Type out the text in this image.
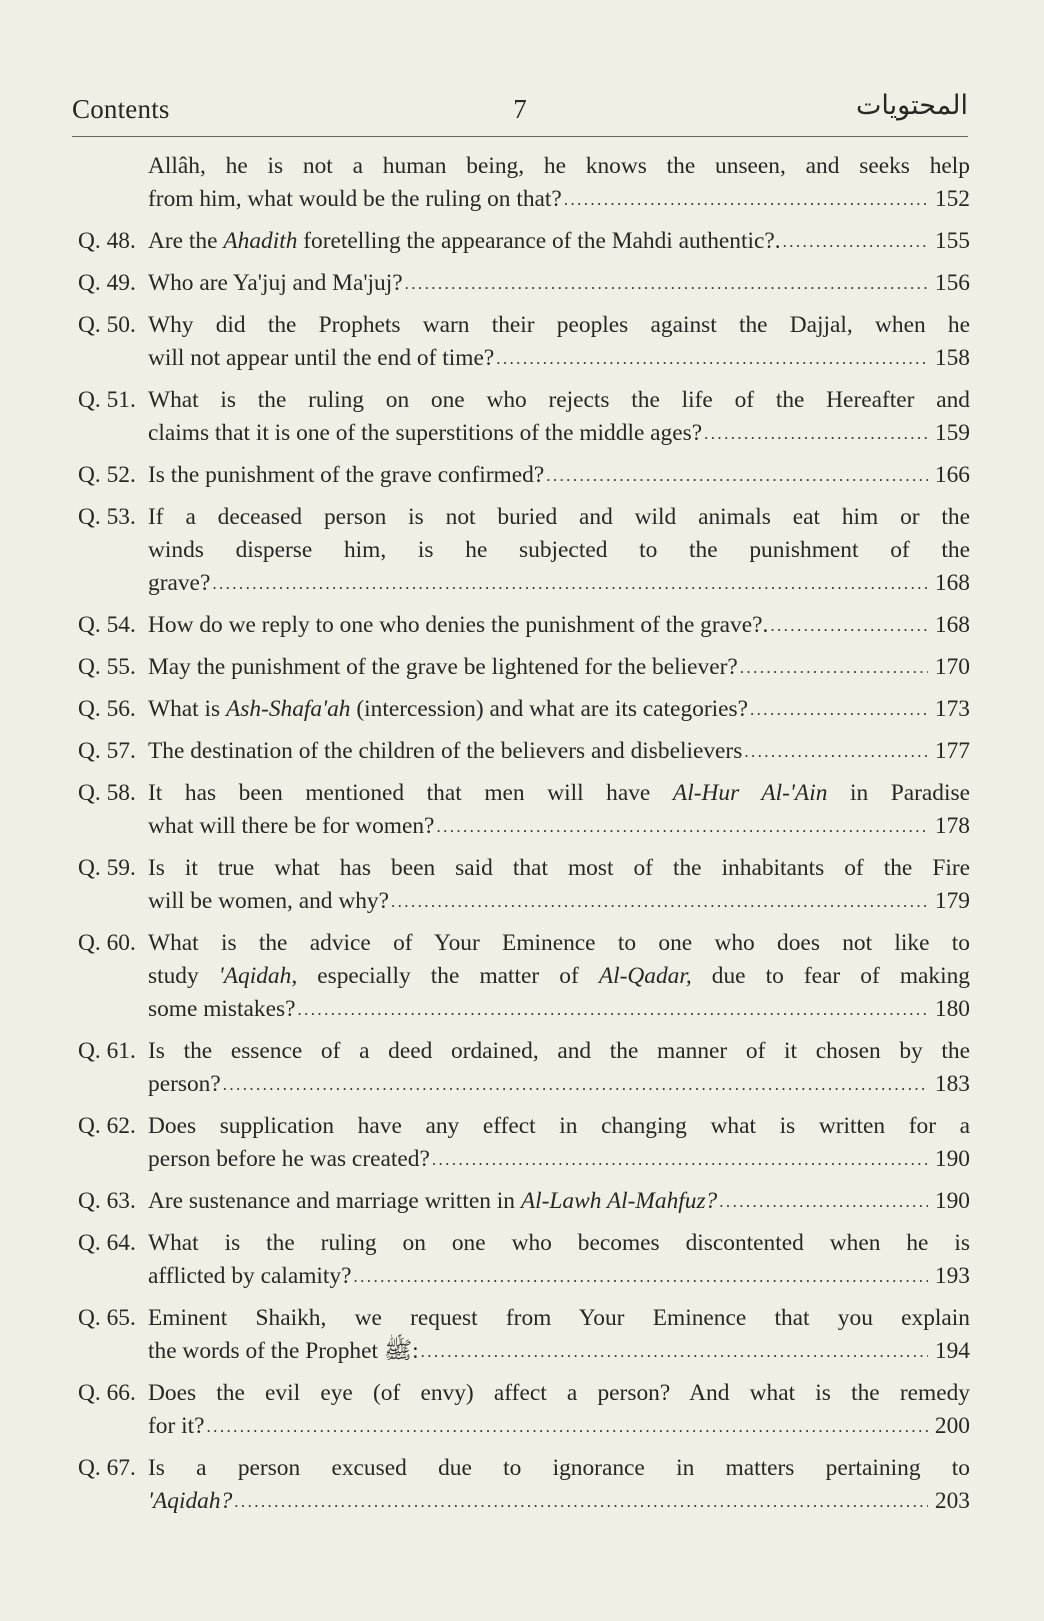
Contents	7	المحتويات
Allâh, he is not a human being, he knows the unseen, and seeks help
from him, what would be the ruling on that? .....	152
Q. 48. Are the Ahadith foretelling the appearance of the Mahdi authentic?. .....	155
Q. 49. Who are Ya'juj and Ma'juj? .....	156
Q. 50. Why did the Prophets warn their peoples against the Dajjal, when he
will not appear until the end of time? .....	158
Q. 51. What is the ruling on one who rejects the life of the Hereafter and
claims that it is one of the superstitions of the middle ages? .....	159
Q. 52. Is the punishment of the grave confirmed? .....	166
Q. 53. If a deceased person is not buried and wild animals eat him or the
winds disperse him, is he subjected to the punishment of the
grave? .....	168
Q. 54. How do we reply to one who denies the punishment of the grave?. .....	168
Q. 55. May the punishment of the grave be lightened for the believer? .....	170
Q. 56. What is Ash-Shafa'ah (intercession) and what are its categories? .....	173
Q. 57. The destination of the children of the believers and disbelievers .....	177
Q. 58. It has been mentioned that men will have Al-Hur Al-'Ain in Paradise
what will there be for women? .....	178
Q. 59. Is it true what has been said that most of the inhabitants of the Fire
will be women, and why? .....	179
Q. 60. What is the advice of Your Eminence to one who does not like to
study 'Aqidah, especially the matter of Al-Qadar, due to fear of making
some mistakes? .....	180
Q. 61. Is the essence of a deed ordained, and the manner of it chosen by the
person? .....	183
Q. 62. Does supplication have any effect in changing what is written for a
person before he was created? .....	190
Q. 63. Are sustenance and marriage written in Al-Lawh Al-Mahfuz? .....	190
Q. 64. What is the ruling on one who becomes discontented when he is
afflicted by calamity? .....	193
Q. 65. Eminent Shaikh, we request from Your Eminence that you explain
the words of the Prophet ﷺ: .....	194
Q. 66. Does the evil eye (of envy) affect a person? And what is the remedy
for it? .....	200
Q. 67. Is a person excused due to ignorance in matters pertaining to
'Aqidah? .....	203
